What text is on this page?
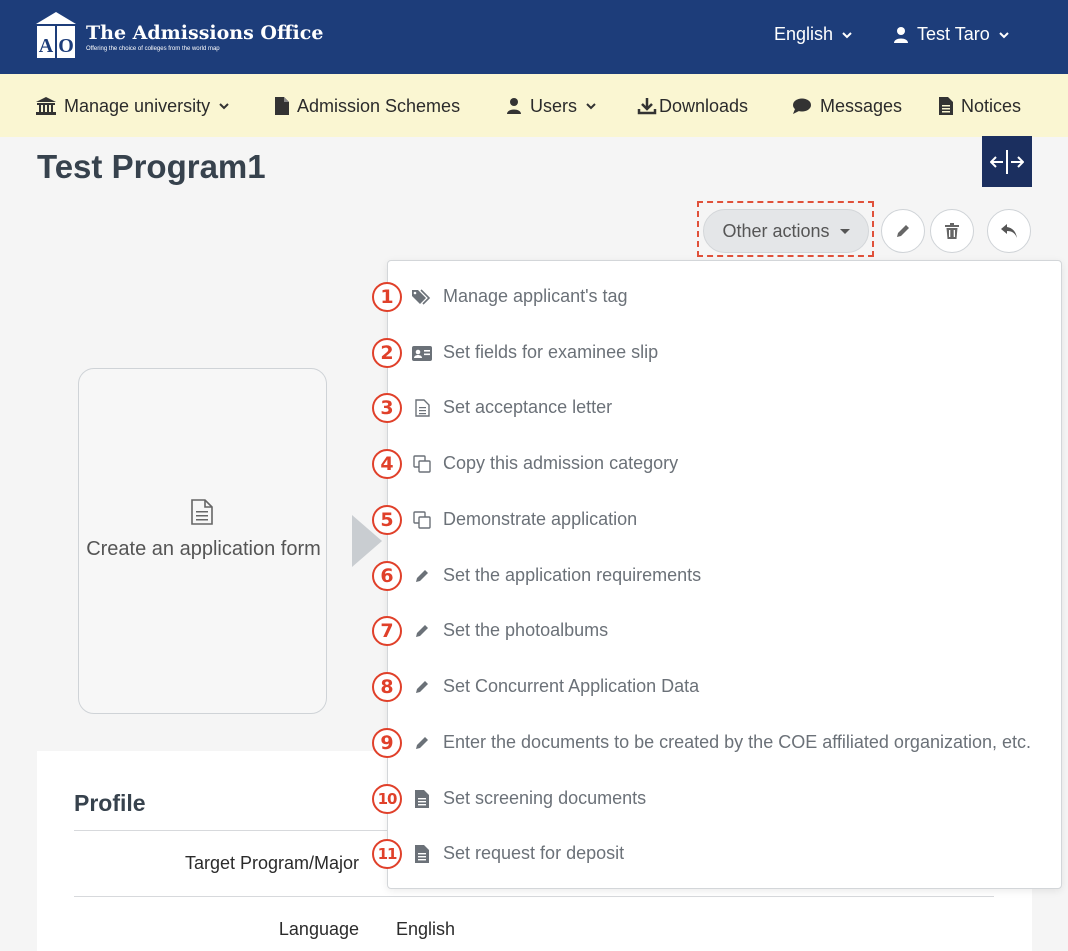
A O
The Admissions Office
Offering the choice of colleges from the world map
English	Test Taro
Manage university	Admission Schemes	Users	Downloads	Messages	Notices
Test Program1
Other actions
Create an application form
Profile
Target Program/Major
Language English
1	Manage applicant's tag
2	Set fields for examinee slip
3	Set acceptance letter
4	Copy this admission category
5	Demonstrate application
6	Set the application requirements
7	Set the photoalbums
8	Set Concurrent Application Data
9	Enter the documents to be created by the COE affiliated organization, etc.
10	Set screening documents
11	Set request for deposit
